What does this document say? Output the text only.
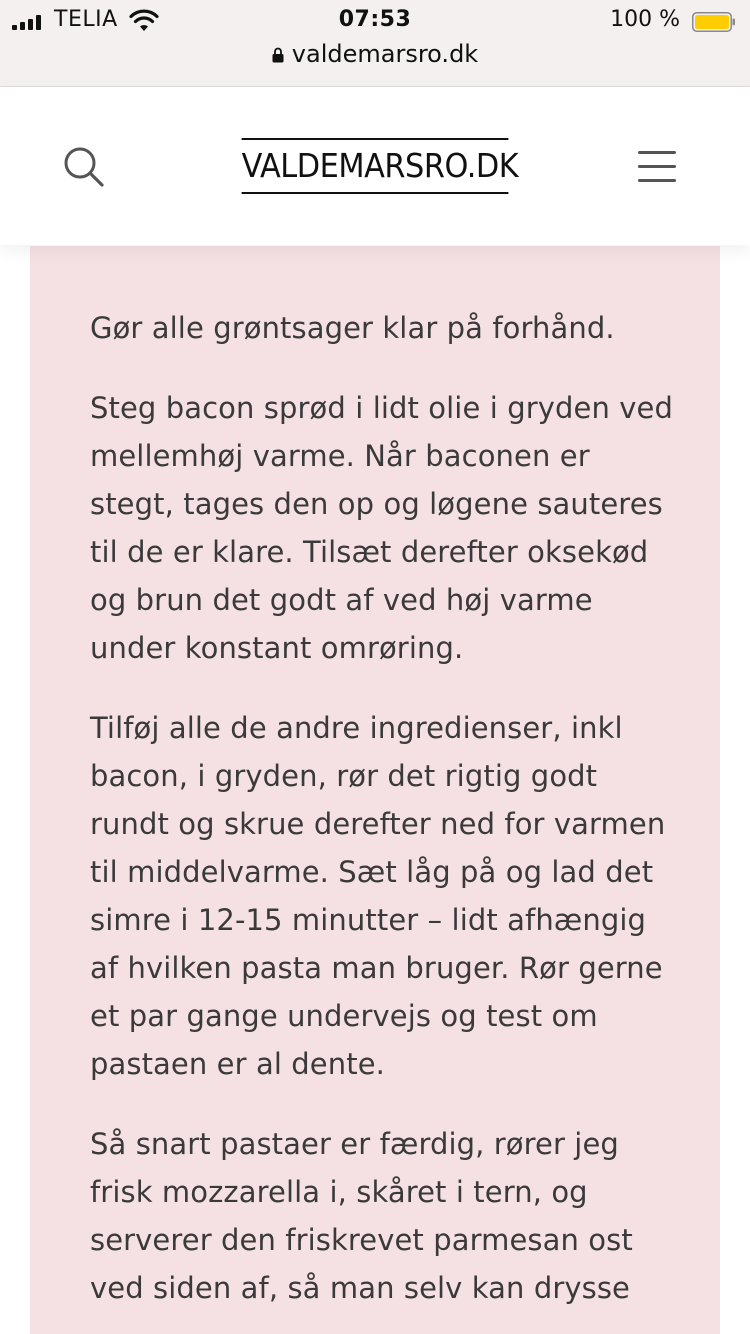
TELIA	07:53	100 %
valdemarsro.dk
VALDEMARSRO.DK

Gør alle grøntsager klar på forhånd.

Steg bacon sprød i lidt olie i gryden ved mellemhøj varme. Når baconen er stegt, tages den op og løgene sauteres til de er klare. Tilsæt derefter oksekød og brun det godt af ved høj varme under konstant omrøring.

Tilføj alle de andre ingredienser, inkl bacon, i gryden, rør det rigtig godt rundt og skrue derefter ned for varmen til middelvarme. Sæt låg på og lad det simre i 12-15 minutter – lidt afhængig af hvilken pasta man bruger. Rør gerne et par gange undervejs og test om pastaen er al dente.

Så snart pastaer er færdig, rører jeg frisk mozzarella i, skåret i tern, og serverer den friskrevet parmesan ost ved siden af, så man selv kan drysse
